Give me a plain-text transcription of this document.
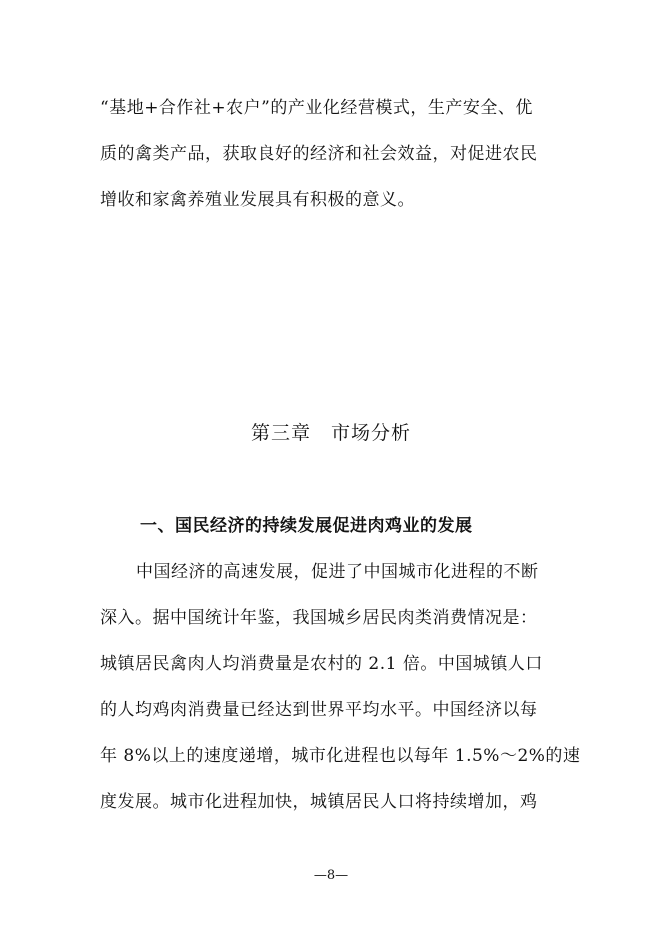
“基地+合作社+农户”的产业化经营模式，生产安全、优
质的禽类产品，获取良好的经济和社会效益，对促进农民
增收和家禽养殖业发展具有积极的意义。
第三章　市场分析
一、国民经济的持续发展促进肉鸡业的发展
中国经济的高速发展，促进了中国城市化进程的不断
深入。据中国统计年鉴，我国城乡居民肉类消费情况是：
城镇居民禽肉人均消费量是农村的 2.1 倍。中国城镇人口
的人均鸡肉消费量已经达到世界平均水平。中国经济以每
年 8%以上的速度递增，城市化进程也以每年 1.5%～2%的速
度发展。城市化进程加快，城镇居民人口将持续增加，鸡
—8—
